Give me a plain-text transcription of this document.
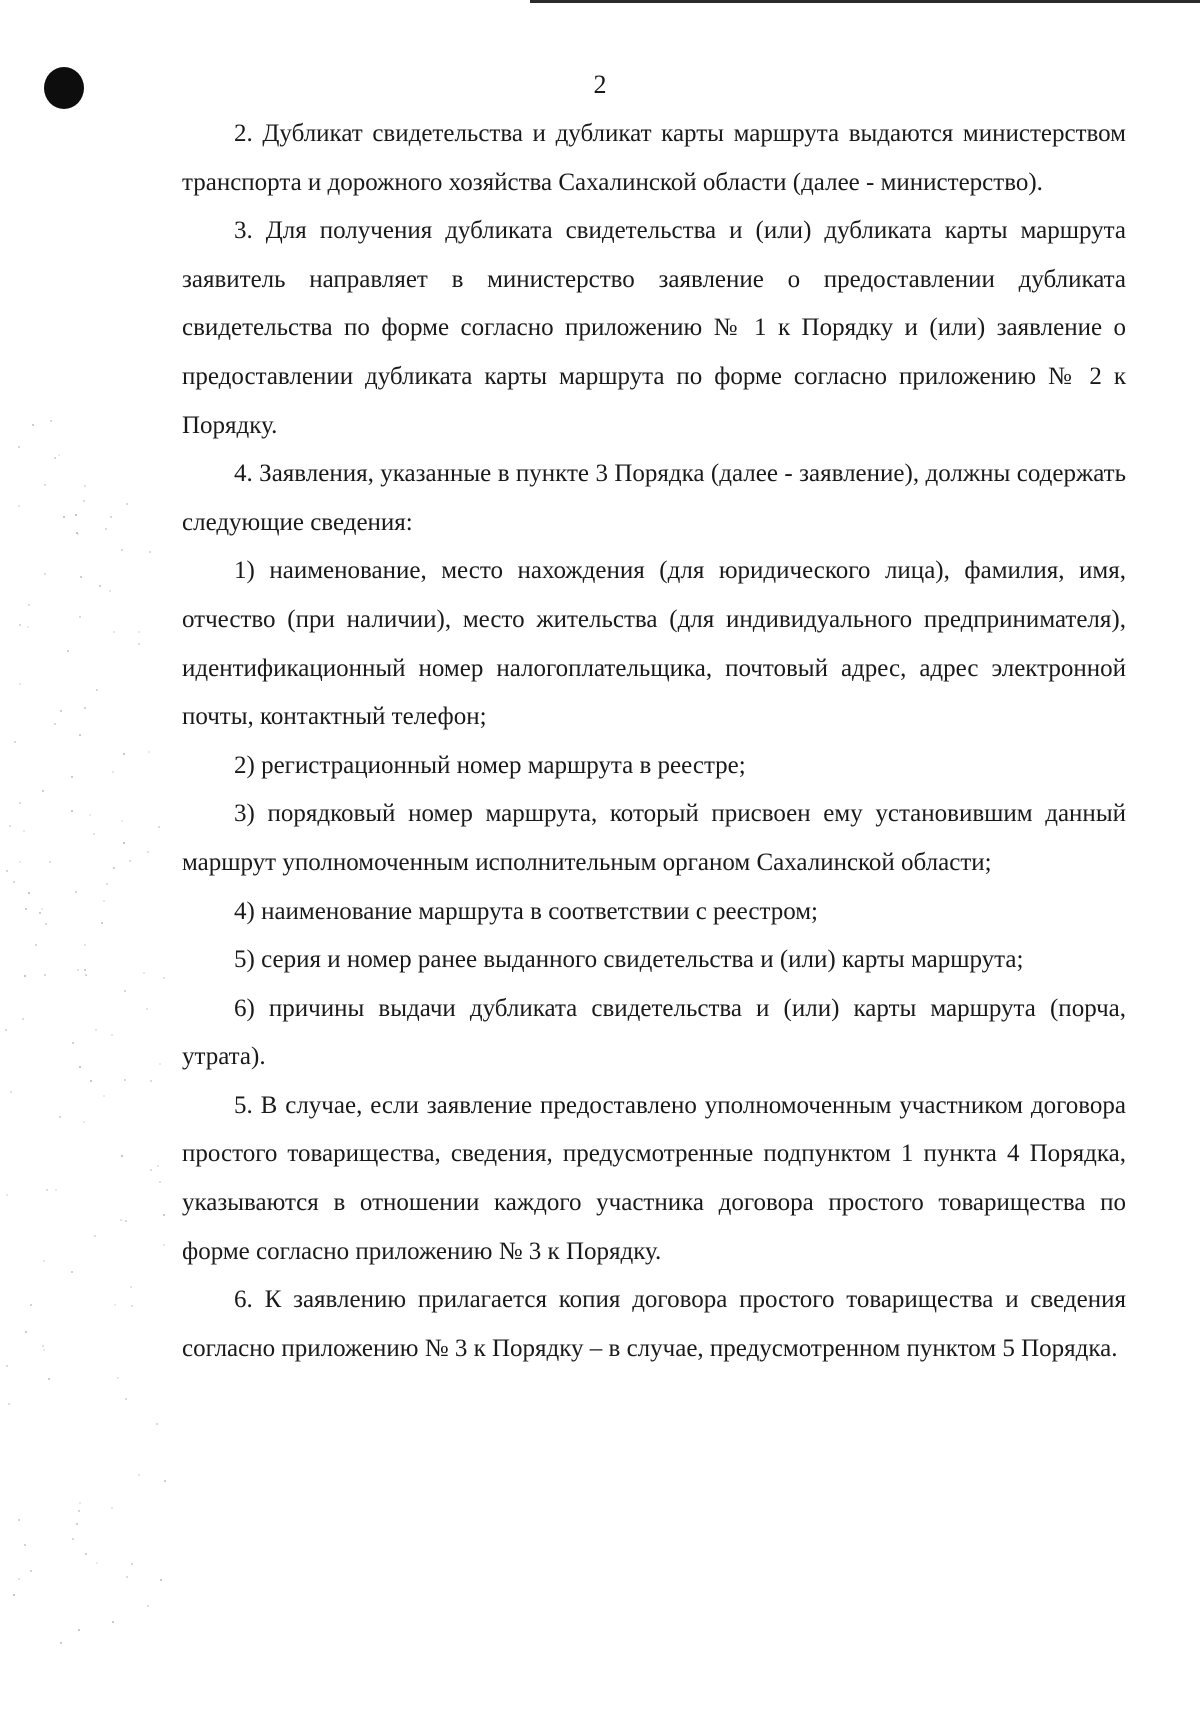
2

2. Дубликат свидетельства и дубликат карты маршрута выдаются министерством транспорта и дорожного хозяйства Сахалинской области (далее - министерство).

3. Для получения дубликата свидетельства и (или) дубликата карты маршрута заявитель направляет в министерство заявление о предоставлении дубликата свидетельства по форме согласно приложению № 1 к Порядку и (или) заявление о предоставлении дубликата карты маршрута по форме согласно приложению № 2 к Порядку.

4. Заявления, указанные в пункте 3 Порядка (далее - заявление), должны содержать следующие сведения:

1) наименование, место нахождения (для юридического лица), фамилия, имя, отчество (при наличии), место жительства (для индивидуального предпринимателя), идентификационный номер налогоплательщика, почтовый адрес, адрес электронной почты, контактный телефон;

2) регистрационный номер маршрута в реестре;

3) порядковый номер маршрута, который присвоен ему установившим данный маршрут уполномоченным исполнительным органом Сахалинской области;

4) наименование маршрута в соответствии с реестром;

5) серия и номер ранее выданного свидетельства и (или) карты маршрута;

6) причины выдачи дубликата свидетельства и (или) карты маршрута (порча, утрата).

5. В случае, если заявление предоставлено уполномоченным участником договора простого товарищества, сведения, предусмотренные подпунктом 1 пункта 4 Порядка, указываются в отношении каждого участника договора простого товарищества по форме согласно приложению № 3 к Порядку.

6. К заявлению прилагается копия договора простого товарищества и сведения согласно приложению № 3 к Порядку – в случае, предусмотренном пунктом 5 Порядка.
